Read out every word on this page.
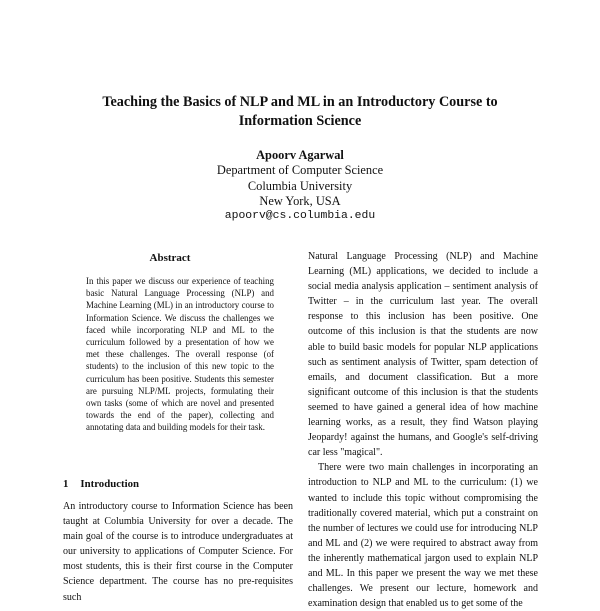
Teaching the Basics of NLP and ML in an Introductory Course to
Information Science
Apoorv Agarwal
Department of Computer Science
Columbia University
New York, USA
apoorv@cs.columbia.edu
Abstract
In this paper we discuss our experience of teaching basic Natural Language Processing (NLP) and Machine Learning (ML) in an introductory course to Information Science. We discuss the challenges we faced while incorporating NLP and ML to the curriculum followed by a presentation of how we met these challenges. The overall response (of students) to the inclusion of this new topic to the curriculum has been positive. Students this semester are pursuing NLP/ML projects, formulating their own tasks (some of which are novel and presented towards the end of the paper), collecting and annotating data and building models for their task.
1 Introduction
An introductory course to Information Science has been taught at Columbia University for over a decade. The main goal of the course is to introduce undergraduates at our university to applications of Computer Science. For most students, this is their first course in the Computer Science department. The course has no pre-requisites such

Natural Language Processing (NLP) and Machine Learning (ML) applications, we decided to include a social media analysis application – sentiment analysis of Twitter – in the curriculum last year. The overall response to this inclusion has been positive. One outcome of this inclusion is that the students are now able to build basic models for popular NLP applications such as sentiment analysis of Twitter, spam detection of emails, and document classification. But a more significant outcome of this inclusion is that the students seemed to have gained a general idea of how machine learning works, as a result, they find Watson playing Jeopardy! against the humans, and Google's self-driving car less "magical".

There were two main challenges in incorporating an introduction to NLP and ML to the curriculum: (1) we wanted to include this topic without compromising the traditionally covered material, which put a constraint on the number of lectures we could use for introducing NLP and ML and (2) we were required to abstract away from the inherently mathematical jargon used to explain NLP and ML. In this paper we present the way we met these challenges. We present our lecture, homework and examination design that enabled us to get some of the
